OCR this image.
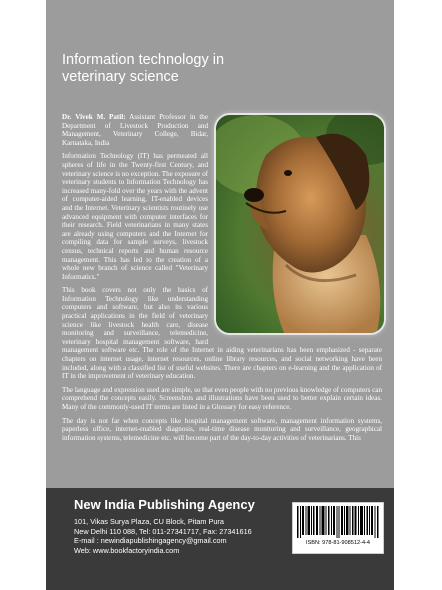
Information technology in veterinary science

Dr. Vivek M. Patil: Assistant Professor in the Department of Livestock Production and Management, Veterinary College, Bidar, Karnataka, India

Information Technology (IT) has permeated all spheres of life in the Twenty-first Century, and veterinary science is no exception. The exposure of veterinary students to Information Technology has increased many-fold over the years with the advent of computer-aided learning, IT-enabled devices and the Internet. Veterinary scientists routinely use advanced equipment with computer interfaces for their research. Field veterinarians in many states are already using computers and the Internet for compiling data for sample surveys, livestock census, technical reports and human resource management. This has led to the creation of a whole new branch of science called "Veterinary Informatics."

This book covers not only the basics of Information Technology like understanding computers and software, but also its various practical applications in the field of veterinary science like livestock health care, disease monitoring and surveillance, telemedicine, veterinary hospital management software, hard management software etc. The role of the Internet in aiding veterinarians has been emphasized - separate chapters on internet usage, internet resources, online library resources, and social networking have been included, along with a classified list of useful websites. There are chapters on e-learning and the application of IT in the improvement of veterinary education.

The language and expression used are simple, so that even people with no previous knowledge of computers can comprehend the concepts easily. Screenshots and illustrations have been used to better explain certain ideas. Many of the commonly-used IT terms are listed in a Glossary for easy reference.

The day is not far when concepts like hospital management software, management information systems, paperless office, internet-enabled diagnosis, real-time disease monitoring and surveillance, geographical information systems, telemedicine etc. will become part of the day-to-day activities of veterinarians. This

New India Publishing Agency
101, Vikas Surya Plaza, CU Block, Pitam Pura
New Delhi 110 088, Tel: 011-27341717, Fax: 27341616
E-mail : newindiapublishingagency@gmail.com
Web: www.bookfactoryindia.com
ISBN: 978-81-908512-4-4
